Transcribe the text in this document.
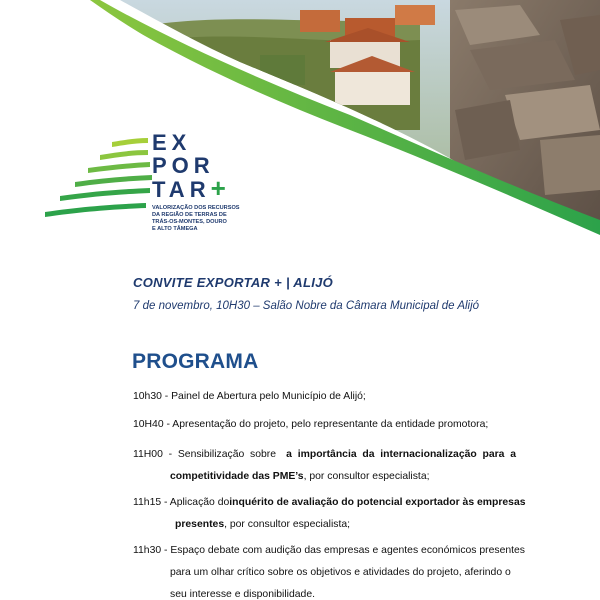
EX
POR
TAR+
VALORIZAÇÃO DOS RECURSOS
DA REGIÃO DE TERRAS DE
TRÁS-OS-MONTES, DOURO
E ALTO TÂMEGA
CONVITE EXPORTAR + | ALIJÓ
7 de novembro, 10H30 – Salão Nobre da Câmara Municipal de Alijó
PROGRAMA
10h30 - Painel de Abertura pelo Município de Alijó;
10H40 - Apresentação do projeto, pelo representante da entidade promotora;
11H00  -  Sensibilização  sobre a  importância  da  internacionalização  para  a
competitividade das PME’s , por consultor especialista;
11h15 - Aplicação do inquérito de avaliação do potencial exportador às empresas
presentes , por consultor especialista;
11h30 - Espaço debate com audição das empresas e agentes económicos presentes
para um olhar crítico sobre os objetivos e atividades do projeto, aferindo o
seu interesse e disponibilidade.
